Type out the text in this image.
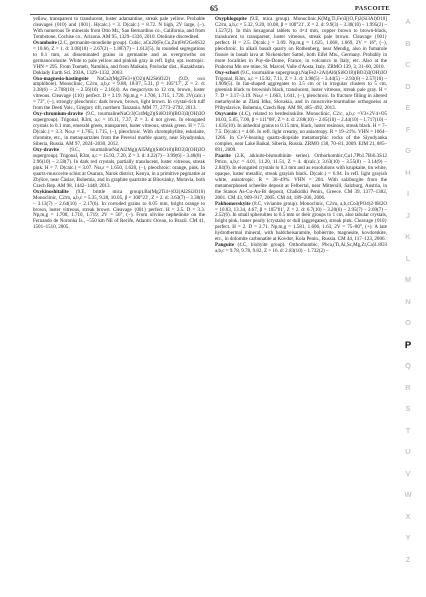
65	PASCOITE
yellow, transparent to translucent, luster adamantine, streak pale yellow. Probable cleavages {010} and {001}. H(calc.) = 3. D(calc.) = 8.72. N high, 2V large, (−). With numerous Te minerals from Otto Mt., San Bernardino co., California, and from Tombstone, Cochise co., Arizona. AM 95, 1329–1336, 2010. Otolinite discredited.
Ovamboite	Cu20(Fe,Cu,Zn)6W2Ge6S32
(2.C, germanite-moodieite group). Cubic, a = 10.66, Z = 1. d: 3.08(10) – 2.67(2) – 1.887(7) – 1.612(5). In rounded segregations to 0.1 mm, as disseminated grains in germanite and as overgrowths on germanocolusite. White to pale yellow and pinkish gray in refl. light, opt. isotropic. VHN = 295. From Tsumeb, Namibia, and from Maikain, Pavlodar dist., Kazakhstan. Doklady Earth Sci. 393A, 1329–1332, 2003.
Oxo-magnesio-hastingsite NaCa2(Mg2Fe3+)(O2)(Al2Si6O22) (9.D, oxo amphibole). Monoclinic, C2/m, a,b,c = 9.88, 18.07, 5.31, β = 105°17′, Z = 2. d: 3.38(6) – 2.708(10) – 2.56(10) – 2.16(4). As megacrysts to 12 cm, brown, luster vitreous. Cleavage {110} perfect. D = 3.19. Np,m,g = 1.706, 1.715, 1.720, 2V(calc.) = 73°, (−), strongly pleochroic: dark brown, brown, light brown. In crystal-rich tuff from the Deeti Volc., Gregory rift, northern Tanzania. MM 77, 2773–2792, 2013.
Oxy-chromium-dravite	NaCr3(Cr4Mg2)(Si6O18)(BO3)3(OH)3O
(9.C, tourmaline supergroup). Trigonal, R3m, a,c = 16.11, 7.37, Z = 3. d not given. In elongated crystals to 0.1 mm, emerald green, transparent, luster vitreous, streak green. H = 7.5. D(calc.) = 3.3. Nω,ε = 1.765, 1.715, (−), pleochroic. With chromphyllite, eskolaite, chromite, etc., in metaquartzites from the Pereval marble quarry, near Slyudyanka, Siberia, Russia. AM 97, 2024–2030, 2012.
Oxy-dravite	Na(Al2Mg)(Al5Mg)(Si6O18)(BO3)3(OH)3O
(9.C, tourmaline supergroup). Trigonal, R3m, a,c = 15.93, 7.20, Z = 3. d: 4.22(7) – 3.99(6) – 3.48(8) – 2.96(10) – 2.58(7). In dark red crystals, partially translucent, luster vitreous, streak pink. H = 7. D(calc.) = 3.07. Nω,ε = 1.650, 1.620, (−), pleochroic: orange, pink. In quartz-muscovite schist at Osarara, Narok district, Kenya, in a primitive pegmatite at Zbýšov, near Čáslav, Bohemia, and in graphite quartzite at Bítovánky, Moravia, both Czech Rep. AM 98, 1442–1448, 2013.
Oxykinoshitalite	Ba(Mg2Ti4+)O2(Al2Si2O10)
(9.E, brittle mica group). Monoclinic, C2/m, a,b,c = 5.35, 9.28, 10.05, β = 100°23′, Z = 2. d: 3.63(7) – 3.38(6) – 3.13(7) – 2.64(10) – 2.17(6). In corroded grains to 0.05 mm, bright orange to brown, luster vitreous, streak brown. Cleavage {001} perfect. H = 2.5. D = 3.3. Np,m,g = 1.708, 1.710, 1.719, 2V = 56°, (−). From olivine nephelinite on the Fernando de Noronha Is., ~550 km NE of Recife, Atlantic Ocean, to Brazil. CM 41, 1501–1510, 2005.
Oxyphlogopite	K(Mg,Ti,Fe)3[(O,F)2(Si3Al)O10]
(9.E, mica group). Monoclinic, C2/m, a,b,c = 5.32, 9.20, 10.08, β = 100°21′, Z = 2. d: 9.9(3) – 3.30(10) – 1.995(2) – 1.527(2). In thin hexagonal tablets to 4×4 mm, copper brown to brown-black, translucent to transparent, luster vitreous, streak pale brown. Cleavage {001} perfect. H = 2.5. D(calc.) = 3.09. Np,m,g = 1.625, 1.668, 1.669, 2V = 16°, (−), pleochroic. In alkali basalt quarry on Rothenberg, near Mendig, also in fumarole fissure in basalt lava at Nickenicher Sattel, both Eifel Mts., Germany. Probably in more localities in Puy-de-Dome, France, in volcanics in Italy, etc. Also at the Prabornа Mn ore mine, St. Marcel, Valle d'Aosta, Italy. ZRMO 139, 3, 31–60, 2010.
Oxy-schorl	Na(Fe2+2Al)Al6(Si6O18)(BO3)3(OH)3O
(9.C, tourmaline supergroup). Trigonal, R3m, a,c = 15.92, 7.11, Z = 3. d: 3.98(5) – 3.44(5) – 2.93(6) – 2.57(10) – 1.909(5). In fan-shaped aggregates to 3.5 cm or in irregular clusters to 5 cm, greenish black to brownish black, translucent, luster vitreous, streak pale gray. H = 7. D = 3.17–3.19. Nω,ε = 1.663, 1.641, (−), pleochroic. In fracture filling in altered metarhyolite at Zlatá Idka, Slovakia, and in muscovite-tourmaline orthogneiss at Přibyslavice, Bohemia, Czech Rep. AM 98, 485–492, 2013.
Oxyvanite	V3+2V4+O5
(4.C), related to berdesinskiite. Monoclinic, C2/c, a,b,c = 10.03, 5.05, 7.00, β = 111°08′, Z = 4. d: 2.88(10) – 2.65(10) – 2.44(10) – 1.717(10) – 1.635(10). In anhedral grains to 0.15 mm, black, luster resinous, streak black. H = 7–7.5. D(calc.) = 4.66. In refl. light creamy, no anisotropy. R = 19–21%. VHN = 1064–1266. In Cr-V-bearing quartz-diopside metamorphic rocks of the Slyudyanka complex, near Lake Baikal, Siberia, Russia. ZRMO 138, 70–81, 2009. EJM 21, 885–891, 2009.
Paarite	Cu1.7Pb1.7Bi6.3S12
(2.K, aikinite-bismuthinite series). Orthorhombic, Pmcn, a,b,c = 4.01, 11.20, 11.51, Z = 4. d(calc.): 3.63(10) – 3.55(8) – 3.14(9) – 2.84(9). In elongated crystals to 0.3 mm and as exsolutions with krupkaite, tin white, opaque, luster metallic, streak grayish black. D(calc.) = 6.94. In refl. light grayish white, anisotropic. R = 36–49%. VHN = 204. With salzburgite from the metamorphosed scheelite deposit at Felbertal, near Mittersill, Salzburg, Austria, in the Stanos As-Cu-Au-Bi deposit, Chalkidiki Penin., Greece. CM 39, 1377–1382, 2001. CM 43, 909–917, 2005. CM 44, 189–206, 2006.
Pakhomovskyite	Co3(PO4)2·8H2O
(8.C, vivianite group). Monoclinic, C2/m, a,b,c = 10.03, 13.34, 4.67, β = 105°01′, Z = 2. d: 6.7(10) – 3.20(6) – 2.95(7) – 2.69(7) – 2.52(6). In small spherulites to 0.5 mm or their groups to 1 cm, also tabular crystals, bright pink, luster pearly (crystals) or dull (aggregates), streak pink. Cleavage {010} perfect. H = 2. D = 2.71. Np,m,g = 1.581, 1.606, 1.63, 2V = 75–80°, (+). A late hydrothermal mineral, with baldcheisaramite, bobierrite, magnesite, kovdorskite, etc., in dolomite carbonatite at Kovdor, Kola Penin., Russia. CM 44, 117–123, 2006.
Panguite	(Ti,Al,Sc,Mg,Zr,Ca)1.8O3
(4.C, bixbyite group). Orthorhombic, Pbca, a,b,c = 9.78, 9.78, 9.82, Z = 16. d: 2.83(10) – 1.732(2) –
A
B
C
D
E
F
G
H
I
J
K
L
M
N
O
P
Q
R
S
T
U
V
W
X
Y
Z
